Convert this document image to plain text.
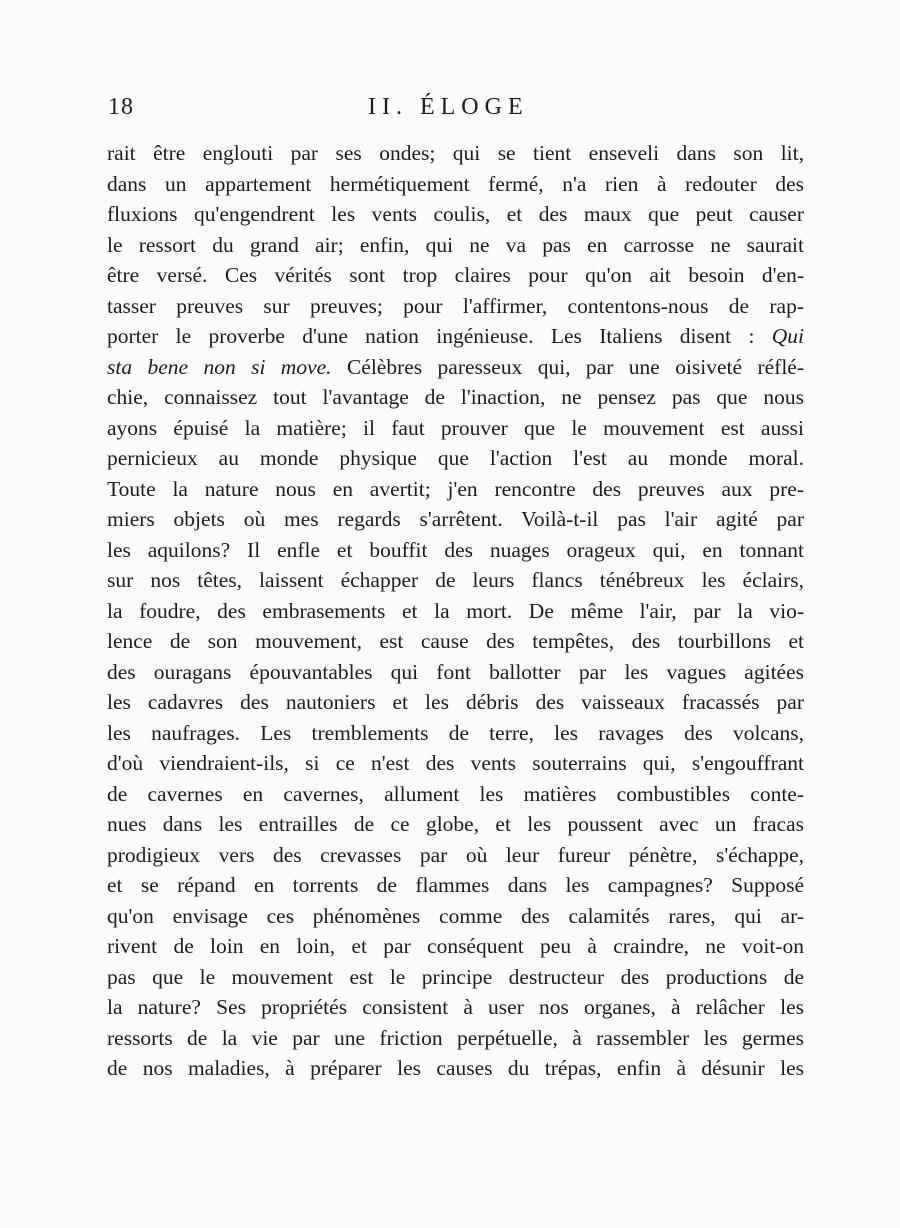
18	II. ÉLOGE
rait être englouti par ses ondes; qui se tient enseveli dans son lit,
dans un appartement hermétiquement fermé, n'a rien à redouter des
fluxions qu'engendrent les vents coulis, et des maux que peut causer
le ressort du grand air; enfin, qui ne va pas en carrosse ne saurait
être versé. Ces vérités sont trop claires pour qu'on ait besoin d'en-
tasser preuves sur preuves; pour l'affirmer, contentons-nous de rap-
porter le proverbe d'une nation ingénieuse. Les Italiens disent : Qui
sta bene non si move. Célèbres paresseux qui, par une oisiveté réflé-
chie, connaissez tout l'avantage de l'inaction, ne pensez pas que nous
ayons épuisé la matière; il faut prouver que le mouvement est aussi
pernicieux au monde physique que l'action l'est au monde moral.
Toute la nature nous en avertit; j'en rencontre des preuves aux pre-
miers objets où mes regards s'arrêtent. Voilà-t-il pas l'air agité par
les aquilons? Il enfle et bouffit des nuages orageux qui, en tonnant
sur nos têtes, laissent échapper de leurs flancs ténébreux les éclairs,
la foudre, des embrasements et la mort. De même l'air, par la vio-
lence de son mouvement, est cause des tempêtes, des tourbillons et
des ouragans épouvantables qui font ballotter par les vagues agitées
les cadavres des nautoniers et les débris des vaisseaux fracassés par
les naufrages. Les tremblements de terre, les ravages des volcans,
d'où viendraient-ils, si ce n'est des vents souterrains qui, s'engouffrant
de cavernes en cavernes, allument les matières combustibles conte-
nues dans les entrailles de ce globe, et les poussent avec un fracas
prodigieux vers des crevasses par où leur fureur pénètre, s'échappe,
et se répand en torrents de flammes dans les campagnes? Supposé
qu'on envisage ces phénomènes comme des calamités rares, qui ar-
rivent de loin en loin, et par conséquent peu à craindre, ne voit-on
pas que le mouvement est le principe destructeur des productions de
la nature? Ses propriétés consistent à user nos organes, à relâcher les
ressorts de la vie par une friction perpétuelle, à rassembler les germes
de nos maladies, à préparer les causes du trépas, enfin à désunir les
